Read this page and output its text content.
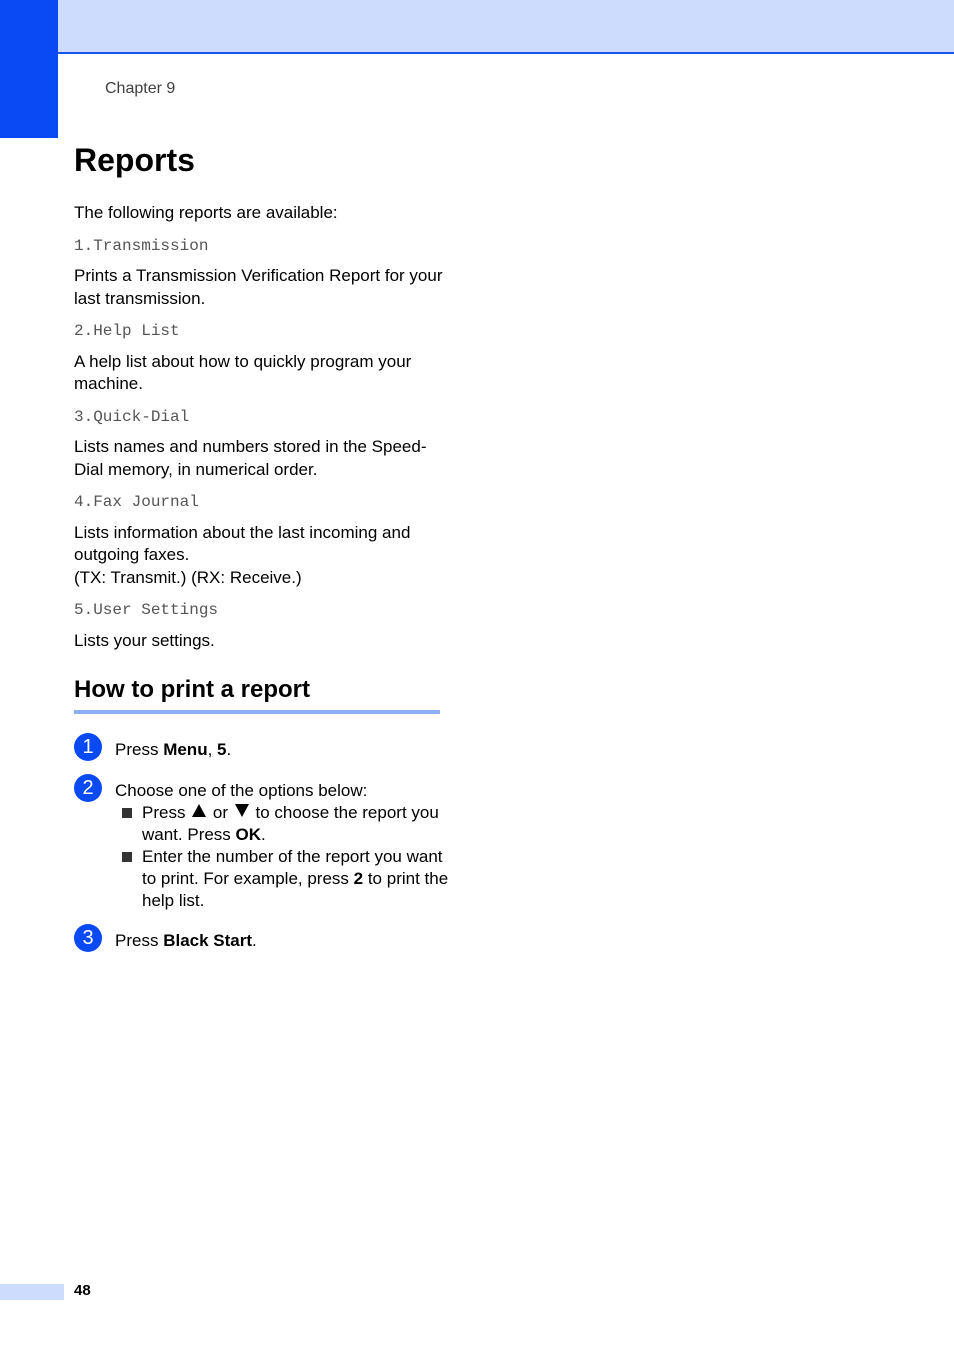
Chapter 9
Reports

The following reports are available:

1.Transmission

Prints a Transmission Verification Report for your last transmission.

2.Help List

A help list about how to quickly program your machine.

3.Quick-Dial

Lists names and numbers stored in the Speed-Dial memory, in numerical order.

4.Fax Journal

Lists information about the last incoming and outgoing faxes.

(TX: Transmit.) (RX: Receive.)

5.User Settings

Lists your settings.

How to print a report
1	Press Menu, 5.
2	Choose one of the options below:
Press  or  to choose the report you want. Press OK.
Enter the number of the report you want to print. For example, press 2 to print the help list.
3	Press Black Start.
48
